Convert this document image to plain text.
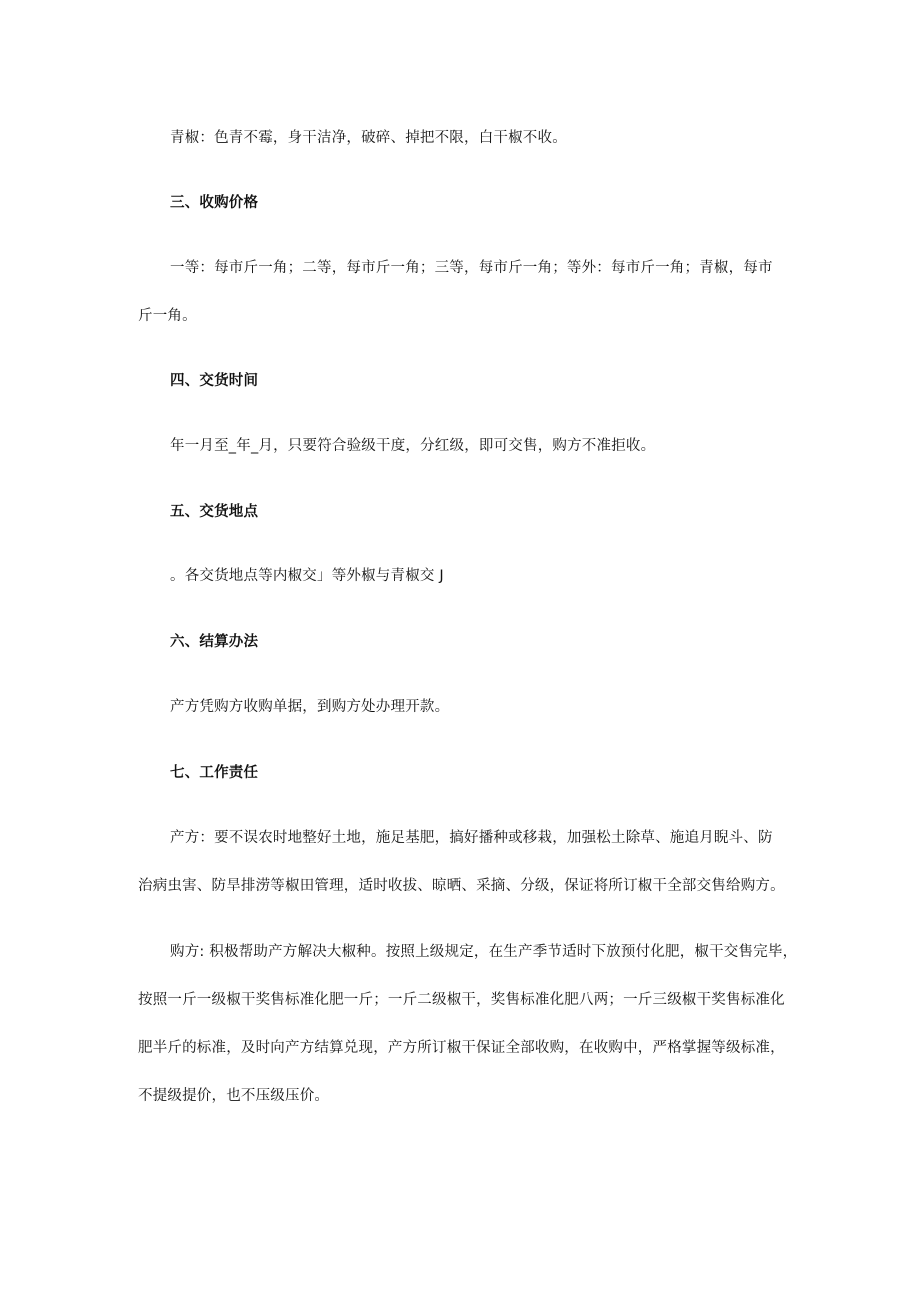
青椒：色青不霉，身干洁净，破碎、掉把不限，白干椒不收。
三、收购价格
一等：每市斤一角；二等，每市斤一角；三等，每市斤一角；等外：每市斤一角；青椒，每市
斤一角。
四、交货时间
年一月至_年_月，只要符合验级干度，分红级，即可交售，购方不准拒收。
五、交货地点
。各交货地点等内椒交」等外椒与青椒交 J
六、结算办法
产方凭购方收购单据，到购方处办理开款。
七、工作责任
产方：要不误农时地整好土地，施足基肥，搞好播种或移栽，加强松土除草、施追月睨斗、防
治病虫害、防旱排涝等椒田管理，适时收拔、晾晒、采摘、分级，保证将所订椒干全部交售给购方。
购方: 积极帮助产方解决大椒种。按照上级规定，在生产季节适时下放预付化肥，椒干交售完毕，
按照一斤一级椒干奖售标准化肥一斤；一斤二级椒干，奖售标准化肥八两；一斤三级椒干奖售标准化
肥半斤的标准，及时向产方结算兑现，产方所订椒干保证全部收购，在收购中，严格掌握等级标准，
不提级提价，也不压级压价。
